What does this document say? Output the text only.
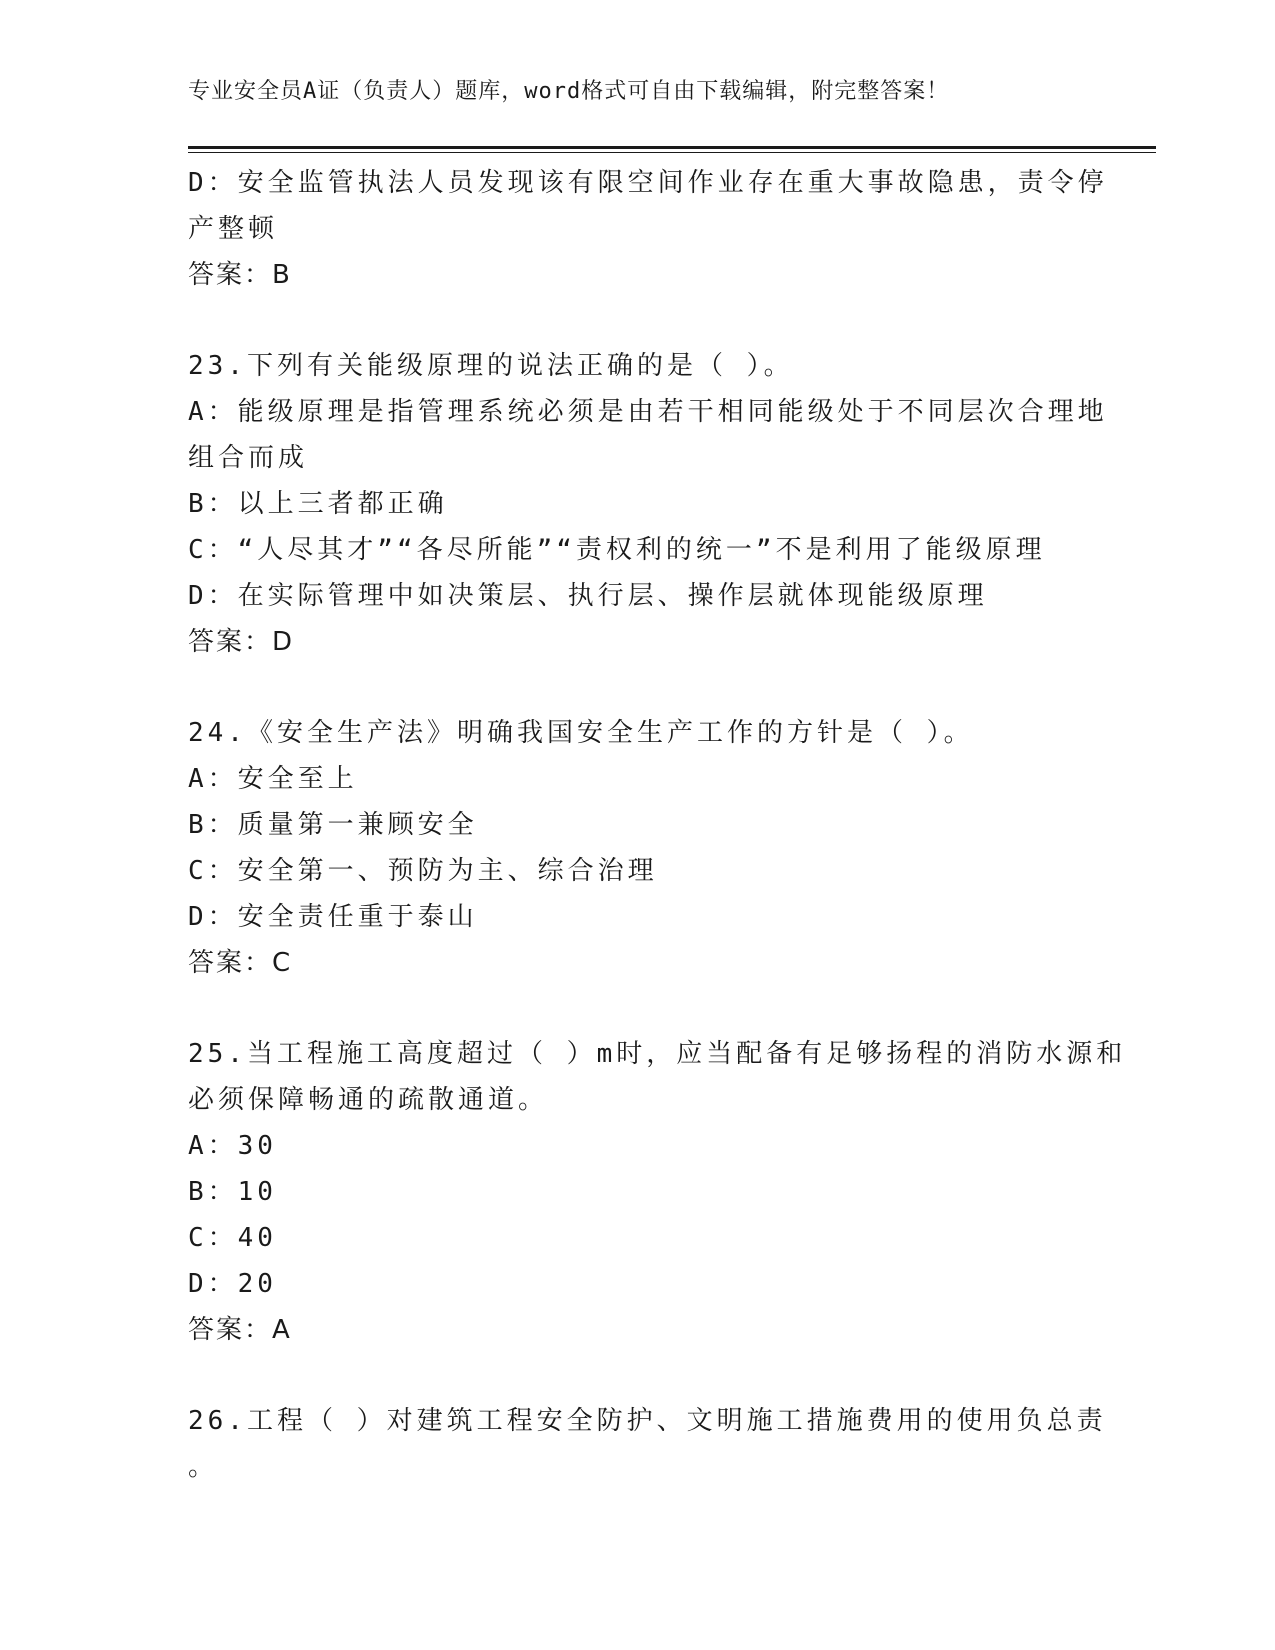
专业安全员A证（负责人）题库，word格式可自由下载编辑，附完整答案！
D：安全监管执法人员发现该有限空间作业存在重大事故隐患，责令停
产整顿
答案：B
23.下列有关能级原理的说法正确的是（ ）。
A：能级原理是指管理系统必须是由若干相同能级处于不同层次合理地
组合而成
B：以上三者都正确
C：“人尽其才”“各尽所能”“责权利的统一”不是利用了能级原理
D：在实际管理中如决策层、执行层、操作层就体现能级原理
答案：D
24.《安全生产法》明确我国安全生产工作的方针是（ ）。
A：安全至上
B：质量第一兼顾安全
C：安全第一、预防为主、综合治理
D：安全责任重于泰山
答案：C
25.当工程施工高度超过（ ）m时，应当配备有足够扬程的消防水源和
必须保障畅通的疏散通道。
A：30
B：10
C：40
D：20
答案：A
26.工程（ ）对建筑工程安全防护、文明施工措施费用的使用负总责
。
